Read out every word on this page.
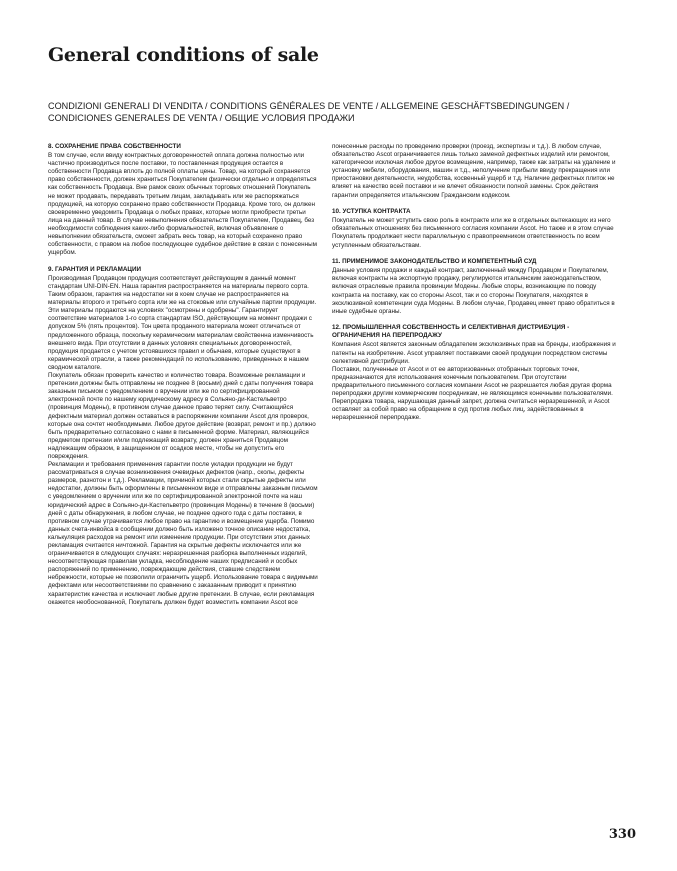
General conditions of sale
CONDIZIONI GENERALI DI VENDITA / CONDITIONS GÉNÉRALES DE VENTE / ALLGEMEINE GESCHÄFTSBEDINGUNGEN / CONDICIONES GENERALES DE VENTA / ОБЩИЕ УСЛОВИЯ ПРОДАЖИ
8. СОХРАНЕНИЕ ПРАВА СОБСТВЕННОСТИ
В том случае, если ввиду контрактных договоренностей оплата должна полностью или частично производиться после поставки, то поставленная продукция остается в собственности Продавца вплоть до полной оплаты цены. Товар, на который сохраняется право собственности, должен храниться Покупателем физически отдельно и определяться как собственность Продавца. Вне рамок своих обычных торговых отношений Покупатель не может продавать, передавать третьим лицам, закладывать или же распоряжаться продукцией, на которую сохранено право собственности Продавца. Кроме того, он должен своевременно уведомить Продавца о любых правах, которые могли приобрести третьи лица на данный товар. В случае невыполнения обязательств Покупателем, Продавец, без необходимости соблюдения каких-либо формальностей, включая объявление о невыполнении обязательств, сможет забрать весь товар, на который сохранено право собственности, с правом на любое последующее судебное действие в связи с понесенным ущербом.
9. ГАРАНТИЯ И РЕКЛАМАЦИИ
Производимая Продавцом продукция соответствует действующим в данный момент стандартам UNI-DIN-EN. Наша гарантия распространяется на материалы первого сорта. Таким образом, гарантия на недостатки ни в коем случае не распространяется на материалы второго и третьего сорта или же на стоковые или случайные партии продукции. Эти материалы продаются на условиях "осмотрены и одобрены". Гарантирует соответствие материалов 1-го сорта стандартам ISO, действующим на момент продажи с допуском 5% (пять процентов). Тон цвета проданного материала может отличаться от предложенного образца, поскольку керамическим материалам свойственна изменчивость внешнего вида. При отсутствии в данных условиях специальных договоренностей, продукция продается с учетом устоявшихся правил и обычаев, которые существуют в керамической отрасли, а также рекомендаций по использованию, приведенных в нашем сводном каталоге.
Покупатель обязан проверить качество и количество товара. Возможные рекламации и претензии должны быть отправлены не позднее 8 (восьми) дней с даты получения товара заказным письмом с уведомлением о вручении или же по сертифицированной электронной почте по нашему юридическому адресу в Сольяно-ди-Кастельветро (провинция Модены), в противном случае данное право теряет силу. Считающийся дефектным материал должен оставаться в распоряжении компании Ascot для проверок, которые она сочтет необходимыми. Любое другое действие (возврат, ремонт и пр.) должно быть предварительно согласовано с нами в письменной форме. Материал, являющийся предметом претензии и/или подлежащий возврату, должен храниться Продавцом надлежащим образом, в защищенном от осадков месте, чтобы не допустить его повреждения.
Рекламации и требования применения гарантии после укладки продукции не будут рассматриваться в случае возникновения очевидных дефектов (напр., сколы, дефекты размеров, разнотон и т.д.). Рекламации, причиной которых стали скрытые дефекты или недостатки, должны быть оформлены в письменном виде и отправлены заказным письмом с уведомлением о вручении или же по сертифицированной электронной почте на наш юридический адрес в Сольяно-ди-Кастельветро (провинция Модены) в течение 8 (восьми) дней с даты обнаружения, в любом случае, не позднее одного года с даты поставки, в противном случае утрачивается любое право на гарантию и возмещение ущерба. Помимо данных счета-инвойса в сообщении должно быть изложено точное описание недостатка, калькуляция расходов на ремонт или изменение продукции. При отсутствии этих данных рекламация считается ничтожной. Гарантия на скрытые дефекты исключается или же ограничивается в следующих случаях: неразрешенная разборка выполненных изделий, несоответствующая правилам укладка, несоблюдение наших предписаний и особых распоряжений по применению, повреждающие действия, ставшие следствием небрежности, которые не позволили ограничить ущерб. Использование товара с видимыми дефектами или несоответствиями по сравнению с заказанным приводит к принятию характеристик качества и исключает любые другие претензии. В случае, если рекламация окажется необоснованной, Покупатель должен будет возместить компании Ascot все
понесенные расходы по проведению проверки (проезд, экспертизы и т.д.). В любом случае, обязательство Ascot ограничивается лишь только заменой дефектных изделий или ремонтом, категорически исключая любое другое возмещение, например, также как затраты на удаление и установку мебели, оборудования, машин и т.д., неполучение прибыли ввиду прекращения или приостановки деятельности, неудобства, косвенный ущерб и т.д. Наличие дефектных плиток не влияет на качество всей поставки и не влечет обязанности полной замены. Срок действия гарантии определяется итальянским Гражданским кодексом.
10. УСТУПКА КОНТРАКТА
Покупатель не может уступить свою роль в контракте или же в отдельных вытекающих из него обязательных отношениях без письменного согласия компании Ascot. Но также и в этом случае Покупатель продолжает нести параллельную с правопреемником ответственность по всем уступленным обязательствам.
11. ПРИМЕНИМОЕ ЗАКОНОДАТЕЛЬСТВО И КОМПЕТЕНТНЫЙ СУД
Данные условия продажи и каждый контракт, заключенный между Продавцом и Покупателем, включая контракты на экспортную продажу, регулируются итальянским законодательством, включая отраслевые правила провинции Модены. Любые споры, возникающие по поводу контракта на поставку, как со стороны Ascot, так и со стороны Покупателя, находятся в эксклюзивной компетенции суда Модены. В любом случае, Продавец имеет право обратиться в иные судебные органы.
12. ПРОМЫШЛЕННАЯ СОБСТВЕННОСТЬ И СЕЛЕКТИВНАЯ ДИСТРИБУЦИЯ - ОГРАНИЧЕНИЯ НА ПЕРЕПРОДАЖУ
Компания Ascot является законным обладателем эксклюзивных прав на бренды, изображения и патенты на изобретение. Ascot управляет поставками своей продукции посредством системы селективной дистрибуции.
Поставки, полученные от Ascot и от ее авторизованных отобранных торговых точек, предназначаются для использования конечным пользователем. При отсутствии предварительного письменного согласия компании Ascot не разрешается любая другая форма перепродажи другим коммерческим посредникам, не являющимся конечными пользователями. Перепродажа товара, нарушающая данный запрет, должна считаться неразрешенной, и Ascot оставляет за собой право на обращение в суд против любых лиц, задействованных в неразрешенной перепродаже.
330
